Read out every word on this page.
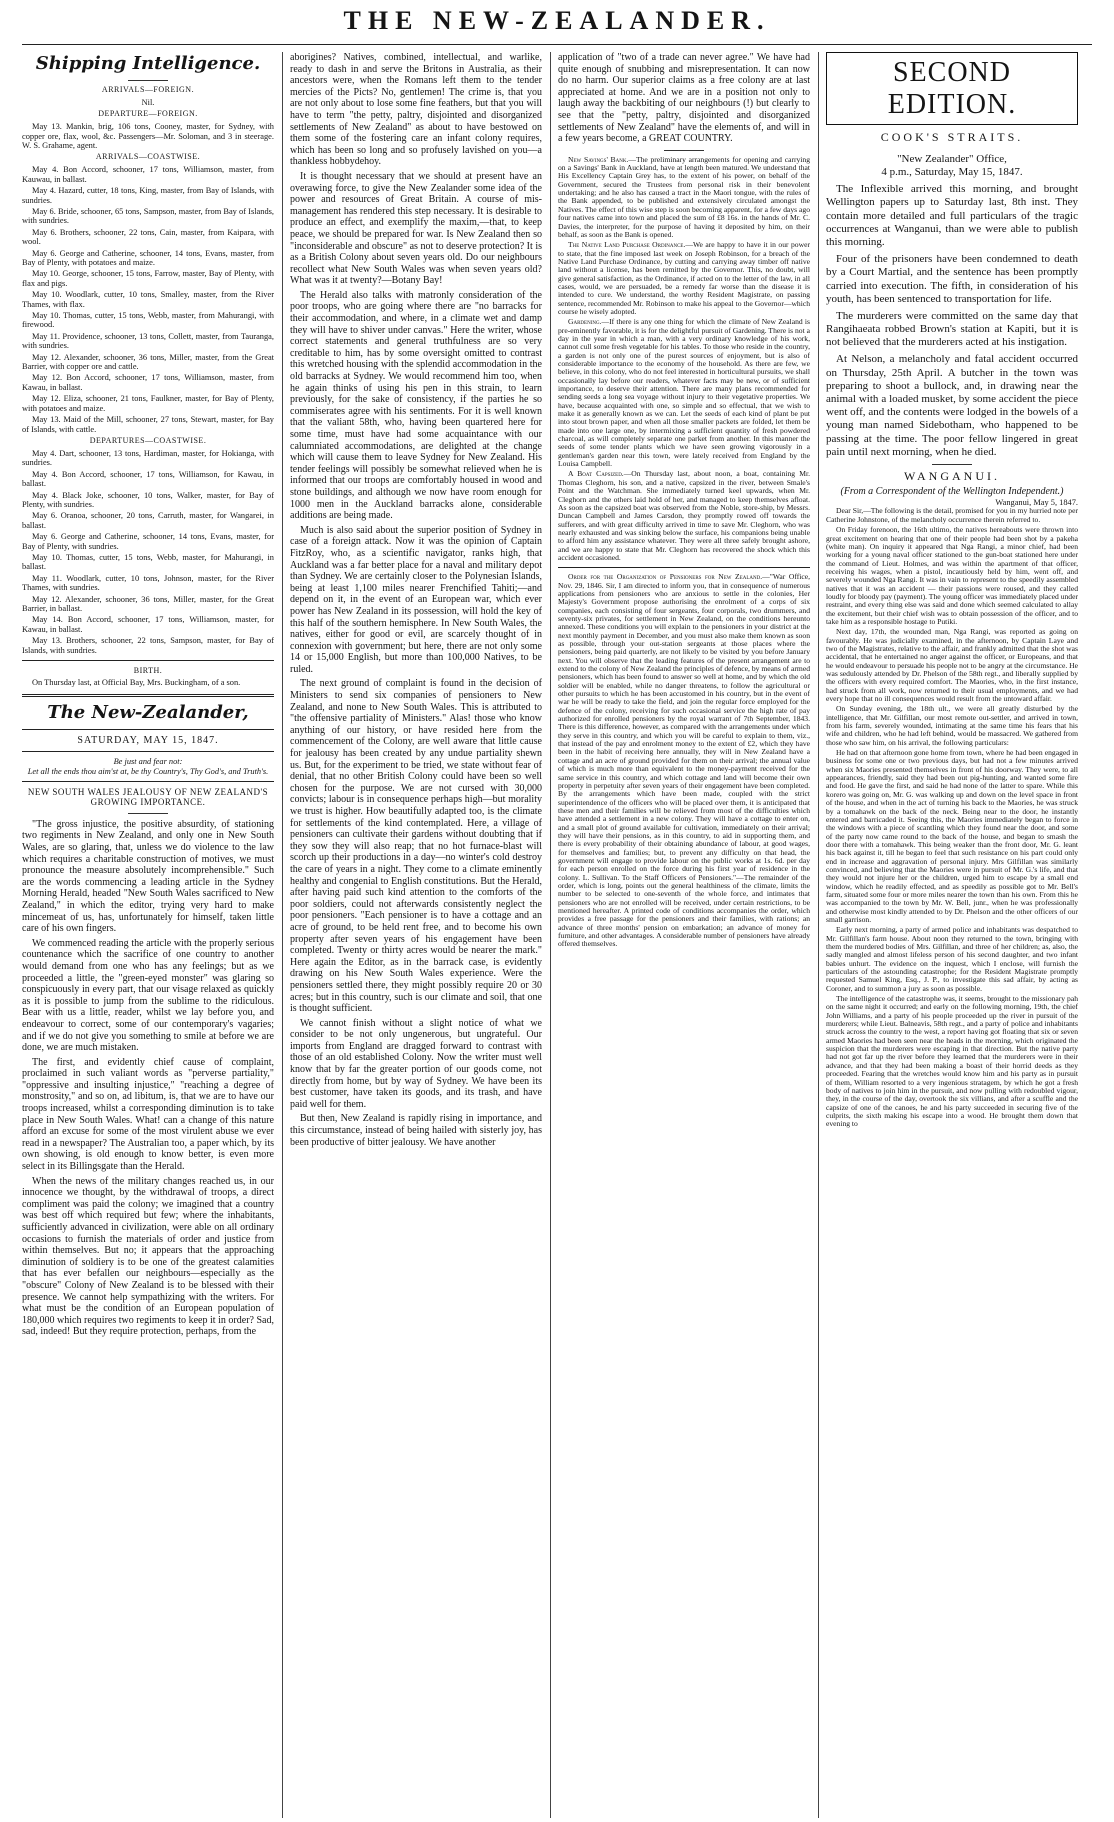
THE NEW-ZEALANDER.
Shipping Intelligence.
ARRIVALS—FOREIGN.

Nil.

DEPARTURE—FOREIGN.

May 13. Mankin, brig, 106 tons, Cooney, master, for Sydney, with copper ore, flax, wool, &c. Passengers—Mr. Soloman, and 3 in steerage. W. S. Grahame, agent.

ARRIVALS—COASTWISE.

May 4. Bon Accord, schooner, 17 tons, Williamson, master, from Kauwau, in ballast.

May 4. Hazard, cutter, 18 tons, King, master, from Bay of Islands, with sundries.

May 6. Bride, schooner, 65 tons, Sampson, master, from Bay of Islands, with sundries.

May 6. Brothers, schooner, 22 tons, Cain, master, from Kaipara, with wool.

May 6. George and Catherine, schooner, 14 tons, Evans, master, from Bay of Plenty, with potatoes and maize.

May 10. George, schooner, 15 tons, Farrow, master, Bay of Plenty, with flax and pigs.

May 10. Woodlark, cutter, 10 tons, Smalley, master, from the River Thames, with flax.

May 10. Thomas, cutter, 15 tons, Webb, master, from Mahurangi, with firewood.

May 11. Providence, schooner, 13 tons, Collett, master, from Tauranga, with sundries.

May 12. Alexander, schooner, 36 tons, Miller, master, from the Great Barrier, with copper ore and cattle.

May 12. Bon Accord, schooner, 17 tons, Williamson, master, from Kawau, in ballast.

May 12. Eliza, schooner, 21 tons, Faulkner, master, for Bay of Plenty, with potatoes and maize.

May 13. Maid of the Mill, schooner, 27 tons, Stewart, master, for Bay of Islands, with cattle.

DEPARTURES—COASTWISE.

May 4. Dart, schooner, 13 tons, Hardiman, master, for Hokianga, with sundries.

May 4. Bon Accord, schooner, 17 tons, Williamson, for Kawau, in ballast.

May 4. Black Joke, schooner, 10 tons, Walker, master, for Bay of Plenty, with sundries.

May 6. Oranoa, schooner, 20 tons, Carruth, master, for Wangarei, in ballast.

May 6. George and Catherine, schooner, 14 tons, Evans, master, for Bay of Plenty, with sundries.

May 10. Thomas, cutter, 15 tons, Webb, master, for Mahurangi, in ballast.

May 11. Woodlark, cutter, 10 tons, Johnson, master, for the River Thames, with sundries.

May 12. Alexander, schooner, 36 tons, Miller, master, for the Great Barrier, in ballast.

May 14. Bon Accord, schooner, 17 tons, Williamson, master, for Kawau, in ballast.

May 13. Brothers, schooner, 22 tons, Sampson, master, for Bay of Islands, with sundries.

BIRTH.

On Thursday last, at Official Bay, Mrs. Buckingham, of a son.

The New-Zealander,
SATURDAY, MAY 15, 1847.
Be just and fear not:
Let all the ends thou aim'st at, be thy Country's, Thy God's, and Truth's.
NEW SOUTH WALES JEALOUSY OF NEW ZEALAND'S GROWING IMPORTANCE.

"The gross injustice, the positive absurdity, of stationing two regiments in New Zealand, and only one in New South Wales, are so glaring, that, unless we do violence to the law which requires a charitable construction of motives, we must pronounce the measure absolutely incomprehensible." Such are the words commencing a leading article in the Sydney Morning Herald, headed "New South Wales sacrificed to New Zealand," in which the editor, trying very hard to make mincemeat of us, has, unfortunately for himself, taken little care of his own fingers.

We commenced reading the article with the properly serious countenance which the sacrifice of one country to another would demand from one who has any feelings; but as we proceeded a little, the "green-eyed monster" was glaring so conspicuously in every part, that our visage relaxed as quickly as it is possible to jump from the sublime to the ridiculous. Bear with us a little, reader, whilst we lay before you, and endeavour to correct, some of our contemporary's vagaries; and if we do not give you something to smile at before we are done, we are much mistaken.

The first, and evidently chief cause of complaint, proclaimed in such valiant words as "perverse partiality," "oppressive and insulting injustice," "reaching a degree of monstrosity," and so on, ad libitum, is, that we are to have our troops increased, whilst a corresponding diminution is to take place in New South Wales. What! can a change of this nature afford an excuse for some of the most virulent abuse we ever read in a newspaper? The Australian too, a paper which, by its own showing, is old enough to know better, is even more select in its Billingsgate than the Herald.

When the news of the military changes reached us, in our innocence we thought, by the withdrawal of troops, a direct compliment was paid the colony; we imagined that a country was best off which required but few; where the inhabitants, sufficiently advanced in civilization, were able on all ordinary occasions to furnish the materials of order and justice from within themselves. But no; it appears that the approaching diminution of soldiery is to be one of the greatest calamities that has ever befallen our neighbours—especially as the "obscure" Colony of New Zealand is to be blessed with their presence. We cannot help sympathizing with the writers. For what must be the condition of an European population of 180,000 which requires two regiments to keep it in order? Sad, sad, indeed! But they require protection, perhaps, from the

aborigines? Natives, combined, intellectual, and warlike, ready to dash in and serve the Britons in Australia, as their ancestors were, when the Romans left them to the tender mercies of the Picts? No, gentlemen! The crime is, that you are not only about to lose some fine feathers, but that you will have to term "the petty, paltry, disjointed and disorganized settlements of New Zealand" as about to have bestowed on them some of the fostering care an infant colony requires, which has been so long and so profusely lavished on you—a thankless hobbydehoy.

It is thought necessary that we should at present have an overawing force, to give the New Zealander some idea of the power and resources of Great Britain. A course of mis-management has rendered this step necessary. It is desirable to produce an effect, and exemplify the maxim,—that, to keep peace, we should be prepared for war. Is New Zealand then so "inconsiderable and obscure" as not to deserve protection? It is as a British Colony about seven years old. Do our neighbours recollect what New South Wales was when seven years old? What was it at twenty?—Botany Bay!

The Herald also talks with matronly consideration of the poor troops, who are going where there are "no barracks for their accommodation, and where, in a climate wet and damp they will have to shiver under canvas." Here the writer, whose correct statements and general truthfulness are so very creditable to him, has by some oversight omitted to contrast this wretched housing with the splendid accommodation in the old barracks at Sydney. We would recommend him too, when he again thinks of using his pen in this strain, to learn previously, for the sake of consistency, if the parties he so commiserates agree with his sentiments. For it is well known that the valiant 58th, who, having been quartered here for some time, must have had some acquaintance with our calumniated accommodations, are delighted at the change which will cause them to leave Sydney for New Zealand. His tender feelings will possibly be somewhat relieved when he is informed that our troops are comfortably housed in wood and stone buildings, and although we now have room enough for 1000 men in the Auckland barracks alone, considerable additions are being made.

Much is also said about the superior position of Sydney in case of a foreign attack. Now it was the opinion of Captain FitzRoy, who, as a scientific navigator, ranks high, that Auckland was a far better place for a naval and military depot than Sydney. We are certainly closer to the Polynesian Islands, being at least 1,100 miles nearer Frenchified Tahiti;—and depend on it, in the event of an European war, which ever power has New Zealand in its possession, will hold the key of this half of the southern hemisphere. In New South Wales, the natives, either for good or evil, are scarcely thought of in connexion with government; but here, there are not only some 14 or 15,000 English, but more than 100,000 Natives, to be ruled.

The next ground of complaint is found in the decision of Ministers to send six companies of pensioners to New Zealand, and none to New South Wales. This is attributed to "the offensive partiality of Ministers." Alas! those who know anything of our history, or have resided here from the commencement of the Colony, are well aware that little cause for jealousy has been created by any undue partiality shewn us. But, for the experiment to be tried, we state without fear of denial, that no other British Colony could have been so well chosen for the purpose. We are not cursed with 30,000 convicts; labour is in consequence perhaps high—but morality we trust is higher. How beautifully adapted too, is the climate for settlements of the kind contemplated. Here, a village of pensioners can cultivate their gardens without doubting that if they sow they will also reap; that no hot furnace-blast will scorch up their productions in a day—no winter's cold destroy the care of years in a night. They come to a climate eminently healthy and congenial to English constitutions. But the Herald, after having paid such kind attention to the comforts of the poor soldiers, could not afterwards consistently neglect the poor pensioners. "Each pensioner is to have a cottage and an acre of ground, to be held rent free, and to become his own property after seven years of his engagement have been completed. Twenty or thirty acres would be nearer the mark." Here again the Editor, as in the barrack case, is evidently drawing on his New South Wales experience. Were the pensioners settled there, they might possibly require 20 or 30 acres; but in this country, such is our climate and soil, that one is thought sufficient.

We cannot finish without a slight notice of what we consider to be not only ungenerous, but ungrateful. Our imports from England are dragged forward to contrast with those of an old established Colony. Now the writer must well know that by far the greater portion of our goods come, not directly from home, but by way of Sydney. We have been its best customer, have taken its goods, and its trash, and have paid well for them.

But then, New Zealand is rapidly rising in importance, and this circumstance, instead of being hailed with sisterly joy, has been productive of bitter jealousy. We have another

application of "two of a trade can never agree." We have had quite enough of snubbing and misrepresentation. It can now do no harm. Our superior claims as a free colony are at last appreciated at home. And we are in a position not only to laugh away the backbiting of our neighbours (!) but clearly to see that the "petty, paltry, disjointed and disorganized settlements of New Zealand" have the elements of, and will in a few years become, a GREAT COUNTRY.

New Savings' Bank.—The preliminary arrangements for opening and carrying on a Savings' Bank in Auckland, have at length been matured. We understand that His Excellency Captain Grey has, to the extent of his power, on behalf of the Government, secured the Trustees from personal risk in their benevolent undertaking; and he also has caused a tract in the Maori tongue, with the rules of the Bank appended, to be published and extensively circulated amongst the Natives. The effect of this wise step is soon becoming apparent, for a few days ago four natives came into town and placed the sum of £8 16s. in the hands of Mr. C. Davies, the interpreter, for the purpose of having it deposited by him, on their behalf, as soon as the Bank is opened.

The Native Land Purchase Ordinance.—We are happy to have it in our power to state, that the fine imposed last week on Joseph Robinson, for a breach of the Native Land Purchase Ordinance, by cutting and carrying away timber off native land without a license, has been remitted by the Governor. This, no doubt, will give general satisfaction, as the Ordinance, if acted on to the letter of the law, in all cases, would, we are persuaded, be a remedy far worse than the disease it is intended to cure. We understand, the worthy Resident Magistrate, on passing sentence, recommended Mr. Robinson to make his appeal to the Governor—which course he wisely adopted.

Gardening.—If there is any one thing for which the climate of New Zealand is pre-eminently favorable, it is for the delightful pursuit of Gardening. There is not a day in the year in which a man, with a very ordinary knowledge of his work, cannot cull some fresh vegetable for his tables. To those who reside in the country, a garden is not only one of the purest sources of enjoyment, but is also of considerable importance to the economy of the household. As there are few, we believe, in this colony, who do not feel interested in horticultural pursuits, we shall occasionally lay before our readers, whatever facts may be new, or of sufficient importance, to deserve their attention. There are many plans recommended for sending seeds a long sea voyage without injury to their vegetative properties. We have, because acquainted with one, so simple and so effectual, that we wish to make it as generally known as we can. Let the seeds of each kind of plant be put into stout brown paper, and when all those smaller packets are folded, let them be made into one large one, by intermixing a sufficient quantity of fresh powdered charcoal, as will completely separate one parket from another. In this manner the seeds of some tender plants which we have seen growing vigorously in a gentleman's garden near this town, were lately received from England by the Louisa Campbell.

A Boat Capsized.—On Thursday last, about noon, a boat, containing Mr. Thomas Cleghorn, his son, and a native, capsized in the river, between Smale's Point and the Watchman. She immediately turned keel upwards, when Mr. Cleghorn and the others laid hold of her, and managed to keep themselves afloat. As soon as the capsized boat was observed from the Noble, store-ship, by Messrs. Duncan Campbell and James Carsdon, they promptly rowed off towards the sufferers, and with great difficulty arrived in time to save Mr. Cleghorn, who was nearly exhausted and was sinking below the surface, his companions being unable to afford him any assistance whatever. They were all three safely brought ashore, and we are happy to state that Mr. Cleghorn has recovered the shock which this accident occasioned.

Order for the Organization of Pensioners for New Zealand.—"War Office, Nov. 29, 1846. Sir, I am directed to inform you, that in consequence of numerous applications from pensioners who are anxious to settle in the colonies, Her Majesty's Government propose authorising the enrolment of a corps of six companies, each consisting of four sergeants, four corporals, two drummers, and seventy-six privates, for settlement in New Zealand, on the conditions hereunto annexed. These conditions you will explain to the pensioners in your district at the next monthly payment in December, and you must also make them known as soon as possible, through your out-station sergeants at those places where the pensioners, being paid quarterly, are not likely to be visited by you before January next. You will observe that the leading features of the present arrangement are to extend to the colony of New Zealand the principles of defence, by means of armed pensioners, which has been found to answer so well at home, and by which the old soldier will be enabled, while no danger threatens, to follow the agricultural or other pursuits to which he has been accustomed in his country, but in the event of war he will be ready to take the field, and join the regular force employed for the defence of the colony, receiving for such occasional service the high rate of pay authorized for enrolled pensioners by the royal warrant of 7th September, 1843. There is this difference, however, as compared with the arrangements under which they serve in this country, and which you will be careful to explain to them, viz., that instead of the pay and enrolment money to the extent of £2, which they have been in the habit of receiving here annually, they will in New Zealand have a cottage and an acre of ground provided for them on their arrival; the annual value of which is much more than equivalent to the money-payment received for the same service in this country, and which cottage and land will become their own property in perpetuity after seven years of their engagement have been completed. By the arrangements which have been made, coupled with the strict superintendence of the officers who will be placed over them, it is anticipated that these men and their families will be relieved from most of the difficulties which have attended a settlement in a new colony. They will have a cottage to enter on, and a small plot of ground available for cultivation, immediately on their arrival; they will have their pensions, as in this country, to aid in supporting them, and there is every probability of their obtaining abundance of labour, at good wages, for themselves and families; but, to prevent any difficulty on that head, the government will engage to provide labour on the public works at 1s. 6d. per day for each person enrolled on the force during his first year of residence in the colony. L. Sullivan. To the Staff Officers of Pensioners."—The remainder of the order, which is long, points out the general healthiness of the climate, limits the number to be selected to one-seventh of the whole force, and intimates that pensioners who are not enrolled will be received, under certain restrictions, to be mentioned hereafter. A printed code of conditions accompanies the order, which provides a free passage for the pensioners and their families, with rations; an advance of three months' pension on embarkation; an advance of money for furniture, and other advantages. A considerable number of pensioners have already offered themselves.

SECOND EDITION.
COOK'S STRAITS.
"New Zealander" Office,
4 p.m., Saturday, May 15, 1847.

The Inflexible arrived this morning, and brought Wellington papers up to Saturday last, 8th inst. They contain more detailed and full particulars of the tragic occurrences at Wanganui, than we were able to publish this morning.

Four of the prisoners have been condemned to death by a Court Martial, and the sentence has been promptly carried into execution. The fifth, in consideration of his youth, has been sentenced to transportation for life.

The murderers were committed on the same day that Rangihaeata robbed Brown's station at Kapiti, but it is not believed that the murderers acted at his instigation.

At Nelson, a melancholy and fatal accident occurred on Thursday, 25th April. A butcher in the town was preparing to shoot a bullock, and, in drawing near the animal with a loaded musket, by some accident the piece went off, and the contents were lodged in the bowels of a young man named Sidebotham, who happened to be passing at the time. The poor fellow lingered in great pain until next morning, when he died.

WANGANUI.
(From a Correspondent of the Wellington Independent.)
Wanganui, May 5, 1847.

Dear Sir,—The following is the detail, promised for you in my hurried note per Catherine Johnstone, of the melancholy occurrence therein referred to.

On Friday forenoon, the 16th ultimo, the natives hereabouts were thrown into great excitement on hearing that one of their people had been shot by a pakeha (white man). On inquiry it appeared that Nga Rangi, a minor chief, had been working for a young naval officer stationed to the gun-boat stationed here under the command of Lieut. Holmes, and was within the apartment of that officer, receiving his wages, when a pistol, incautiously held by him, went off, and severely wounded Nga Rangi. It was in vain to represent to the speedily assembled natives that it was an accident — their passions were roused, and they called loudly for bloody pay (payment). The young officer was immediately placed under restraint, and every thing else was said and done which seemed calculated to allay the excitement, but their chief wish was to obtain possession of the officer, and to take him as a responsible hostage to Putiki.

Next day, 17th, the wounded man, Nga Rangi, was reported as going on favourably. He was judicially examined, in the afternoon, by Captain Laye and two of the Magistrates, relative to the affair, and frankly admitted that the shot was accidental, that he entertained no anger against the officer, or Europeans, and that he would endeavour to persuade his people not to be angry at the circumstance. He was sedulously attended by Dr. Phelson of the 58th regt., and liberally supplied by the officers with every required comfort. The Maories, who, in the first instance, had struck from all work, now returned to their usual employments, and we had every hope that no ill consequences would result from the untoward affair.

On Sunday evening, the 18th ult., we were all greatly disturbed by the intelligence, that Mr. Gilfillan, our most remote out-settler, and arrived in town, from his farm, severely wounded, intimating at the same time his fears that his wife and children, who he had left behind, would be massacred. We gathered from those who saw him, on his arrival, the following particulars:

He had on that afternoon gone home from town, where he had been engaged in business for some one or two previous days, but had not a few minutes arrived when six Maories presented themselves in front of his doorway. They were, to all appearances, friendly, said they had been out pig-hunting, and wanted some fire and food. He gave the first, and said he had none of the latter to spare. While this korero was going on, Mr. G. was walking up and down on the level space in front of the house, and when in the act of turning his back to the Maories, he was struck by a tomahawk on the back of the neck. Being near to the door, he instantly entered and barricaded it. Seeing this, the Maories immediately began to force in the windows with a piece of scantling which they found near the door, and some of the party now came round to the back of the house, and began to smash the door there with a tomahawk. This being weaker than the front door, Mr. G. leant his back against it, till he began to feel that such resistance on his part could only end in increase and aggravation of personal injury. Mrs Gilfillan was similarly convinced, and believing that the Maories were in pursuit of Mr. G.'s life, and that they would not injure her or the children, urged him to escape by a small end window, which he readily effected, and as speedily as possible got to Mr. Bell's farm, situated some four or more miles nearer the town than his own. From this he was accompanied to the town by Mr. W. Bell, junr., when he was professionally and otherwise most kindly attended to by Dr. Phelson and the other officers of our small garrison.

Early next morning, a party of armed police and inhabitants was despatched to Mr. Gilfillan's farm house. About noon they returned to the town, bringing with them the murdered bodies of Mrs. Gilfillan, and three of her children; as, also, the sadly mangled and almost lifeless person of his second daughter, and two infant babies unhurt. The evidence on the inquest, which I enclose, will furnish the particulars of the astounding catastrophe; for the Resident Magistrate promptly requested Samuel King, Esq., J. P., to investigate this sad affair, by acting as Coroner, and to summon a jury as soon as possible.

The intelligence of the catastrophe was, it seems, brought to the missionary pah on the same night it occurred; and early on the following morning, 19th, the chief John Williams, and a party of his people proceeded up the river in pursuit of the murderers; while Lieut. Balneavis, 58th regt., and a party of police and inhabitants struck across the country to the west, a report having got floating that six or seven armed Maories had been seen near the heads in the morning, which originated the suspicion that the murderers were escaping in that direction. But the native party had not got far up the river before they learned that the murderers were in their advance, and that they had been making a boast of their horrid deeds as they proceeded. Fearing that the wretches would know him and his party as in pursuit of them, William resorted to a very ingenious stratagem, by which he got a fresh body of natives to join him in the pursuit, and now pulling with redoubled vigour, they, in the course of the day, overtook the six villians, and after a scuffle and the capsize of one of the canoes, he and his party succeeded in securing five of the culprits, the sixth making his escape into a wood. He brought them down that evening to
